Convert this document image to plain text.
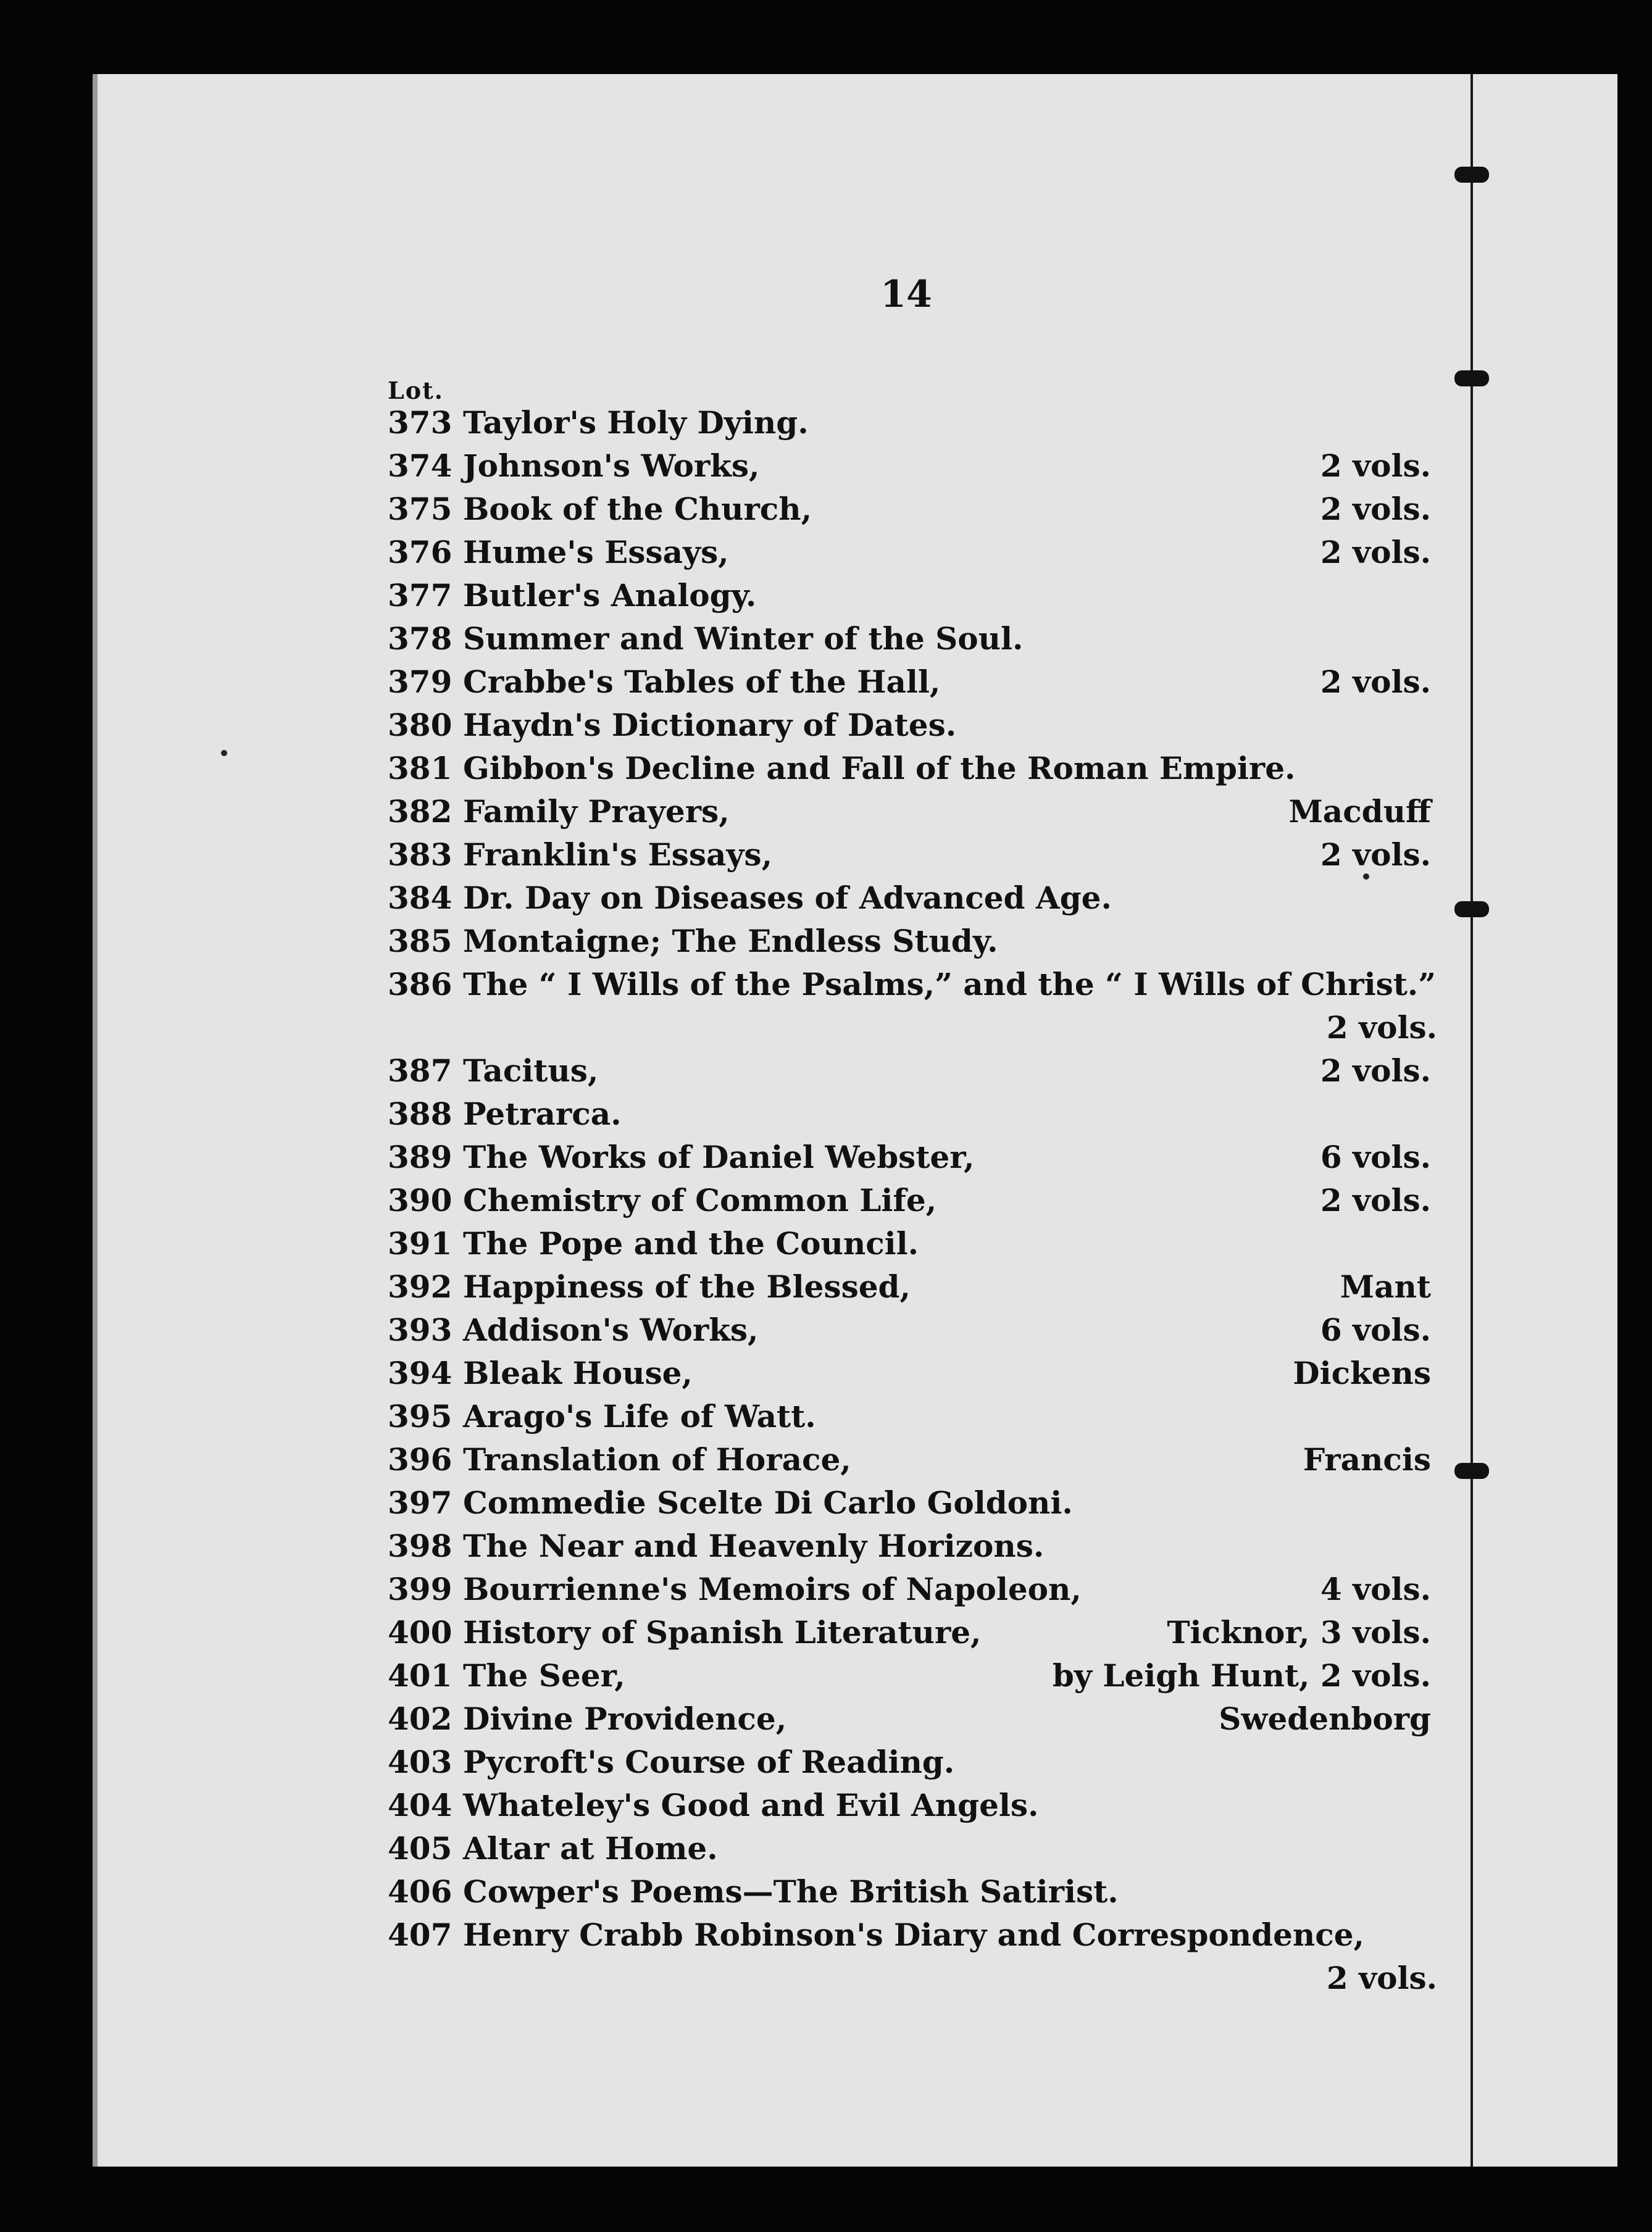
14
Lot.
373 Taylor's Holy Dying.
374 Johnson's Works,	2 vols.
375 Book of the Church,	2 vols.
376 Hume's Essays,	2 vols.
377 Butler's Analogy.
378 Summer and Winter of the Soul.
379 Crabbe's Tables of the Hall,	2 vols.
380 Haydn's Dictionary of Dates.
381 Gibbon's Decline and Fall of the Roman Empire.
382 Family Prayers,	Macduff
383 Franklin's Essays,	2 vols.
384 Dr. Day on Diseases of Advanced Age.
385 Montaigne; The Endless Study.
386 The “ I Wills of the Psalms,” and the “ I Wills of Christ.”
2 vols.
387 Tacitus,	2 vols.
388 Petrarca.
389 The Works of Daniel Webster,	6 vols.
390 Chemistry of Common Life,	2 vols.
391 The Pope and the Council.
392 Happiness of the Blessed,	Mant
393 Addison's Works,	6 vols.
394 Bleak House,	Dickens
395 Arago's Life of Watt.
396 Translation of Horace,	Francis
397 Commedie Scelte Di Carlo Goldoni.
398 The Near and Heavenly Horizons.
399 Bourrienne's Memoirs of Napoleon,	4 vols.
400 History of Spanish Literature,	Ticknor, 3 vols.
401 The Seer,	by Leigh Hunt, 2 vols.
402 Divine Providence,	Swedenborg
403 Pycroft's Course of Reading.
404 Whateley's Good and Evil Angels.
405 Altar at Home.
406 Cowper's Poems—The British Satirist.
407 Henry Crabb Robinson's Diary and Correspondence,
2 vols.
